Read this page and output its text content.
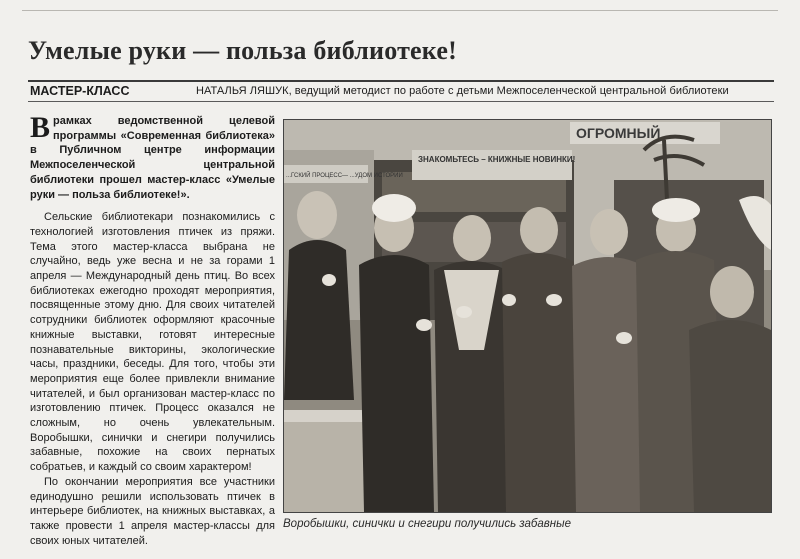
Умелые руки — польза библиотеке!
МАСТЕР-КЛАСС	НАТАЛЬЯ ЛЯШУК, ведущий методист по работе с детьми Межпоселенческой центральной библиотеки

Врамках ведомственной целевой программы «Современная библиотека» в Публичном центре информации Межпоселенческой центральной библиотеки прошел мастер-класс «Умелые руки — польза библиотеке!».

Сельские библиотекари познакомились с технологией изготовления птичек из пряжи. Тема этого мастер-класса выбрана не случайно, ведь уже весна и не за горами 1 апреля — Международный день птиц. Во всех библиотеках ежегодно проходят мероприятия, посвященные этому дню. Для своих читателей сотрудники библиотек оформляют красочные книжные выставки, готовят интересные познавательные викторины, экологические часы, праздники, беседы. Для того, чтобы эти мероприятия еще более привлекли внимание читателей, и был организован мастер-класс по изготовлению птичек. Процесс оказался не сложным, но очень увлекательным. Воробышки, синички и снегири получились забавные, похожие на своих пернатых собратьев, и каждый со своим характером!

По окончании мероприятия все участники единодушно решили использовать птичек в интерьере библиотек, на книжных выставках, а также провести 1 апреля мастер-классы для своих юных читателей.

ОГРОМНЫЙ
ЗНАКОМЬТЕСЬ – КНИЖНЫЕ НОВИНКИ!
...ГСКИЙ ПРОЦЕСС— ...УДОМ ИСТОРИИ
Воробышки, синички и снегири получились забавные
